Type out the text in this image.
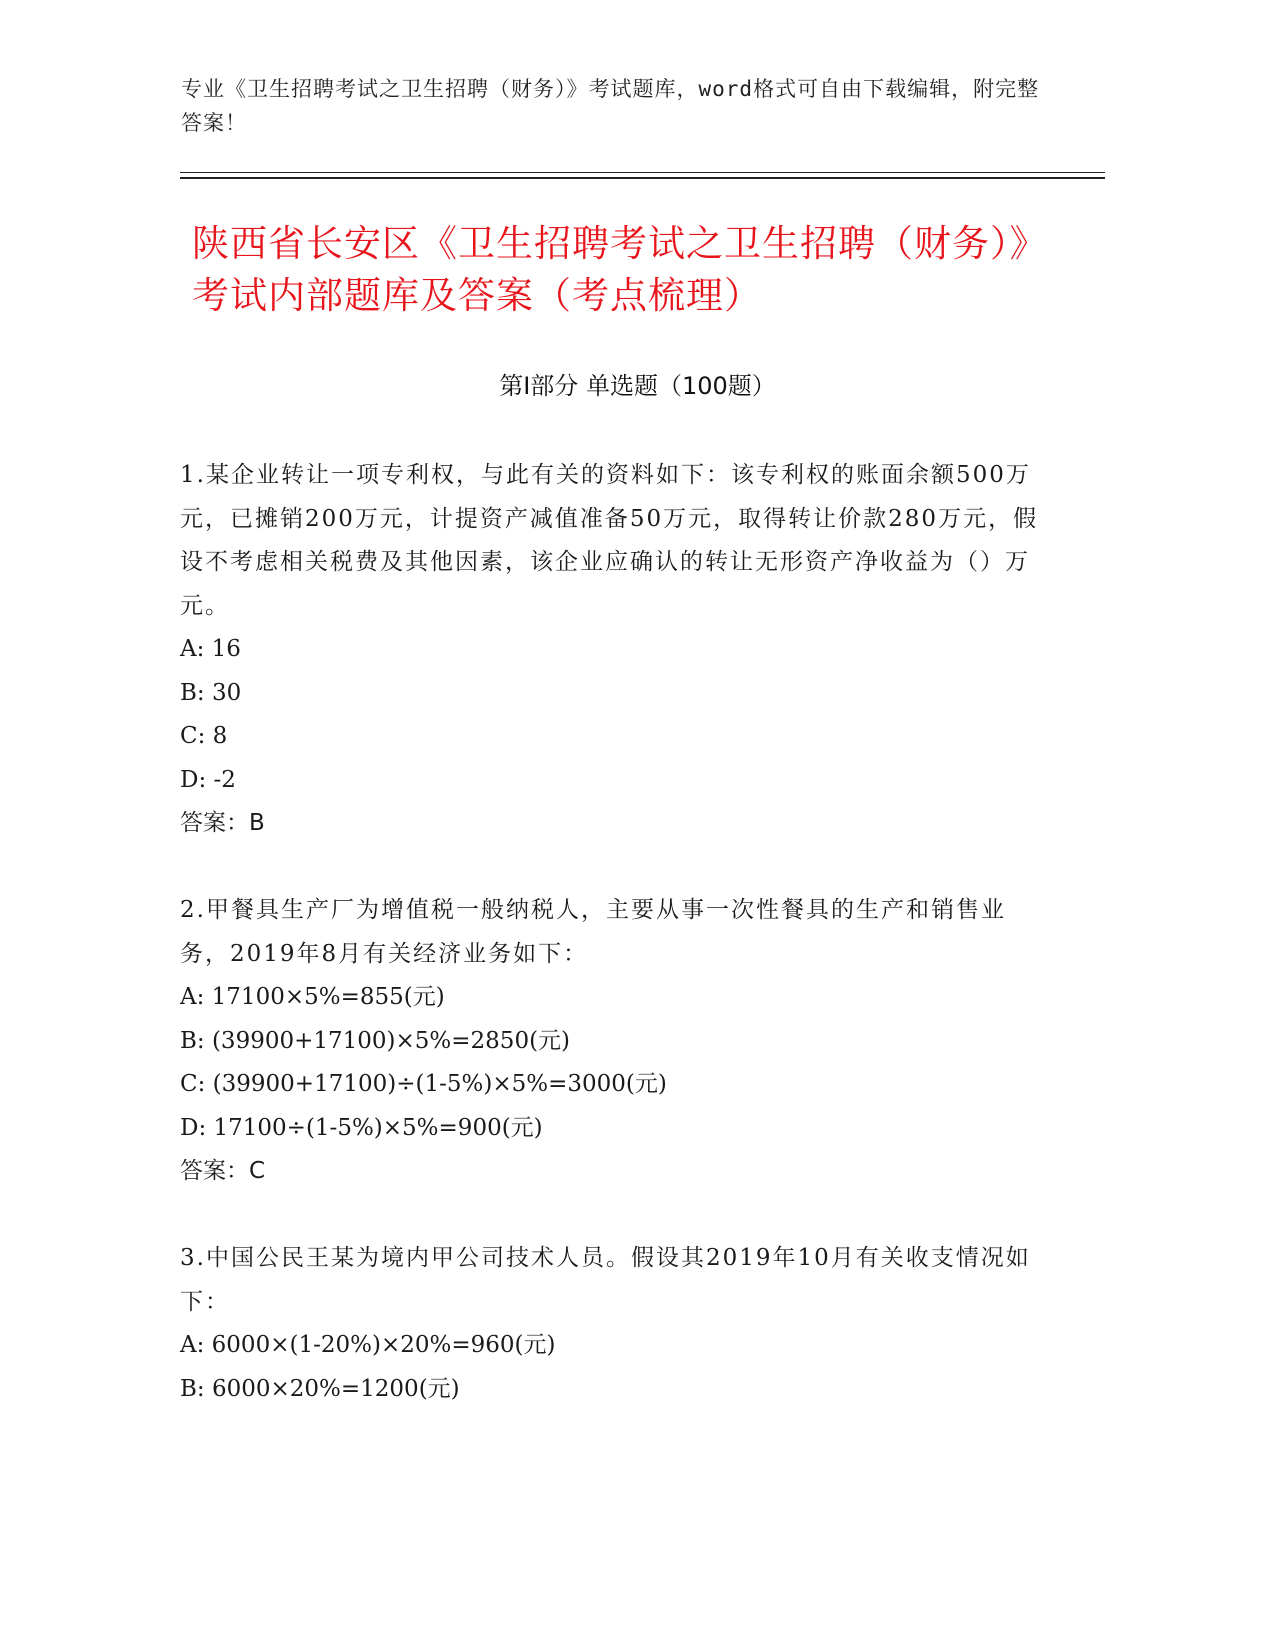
专业《卫生招聘考试之卫生招聘（财务）》考试题库，word格式可自由下载编辑，附完整答案！
陕西省长安区《卫生招聘考试之卫生招聘（财务）》考试内部题库及答案（考点梳理）
第I部分 单选题（100题）

1.某企业转让一项专利权，与此有关的资料如下：该专利权的账面余额500万元，已摊销200万元，计提资产减值准备50万元，取得转让价款280万元，假设不考虑相关税费及其他因素，该企业应确认的转让无形资产净收益为（）万元。

A: 16

B: 30

C: 8

D: -2

答案：B

2.甲餐具生产厂为增值税一般纳税人，主要从事一次性餐具的生产和销售业务，2019年8月有关经济业务如下：

A: 17100×5%=855(元)

B: (39900+17100)×5%=2850(元)

C: (39900+17100)÷(1-5%)×5%=3000(元)

D: 17100÷(1-5%)×5%=900(元)

答案：C

3.中国公民王某为境内甲公司技术人员。假设其2019年10月有关收支情况如下：

A: 6000×(1-20%)×20%=960(元)

B: 6000×20%=1200(元)
